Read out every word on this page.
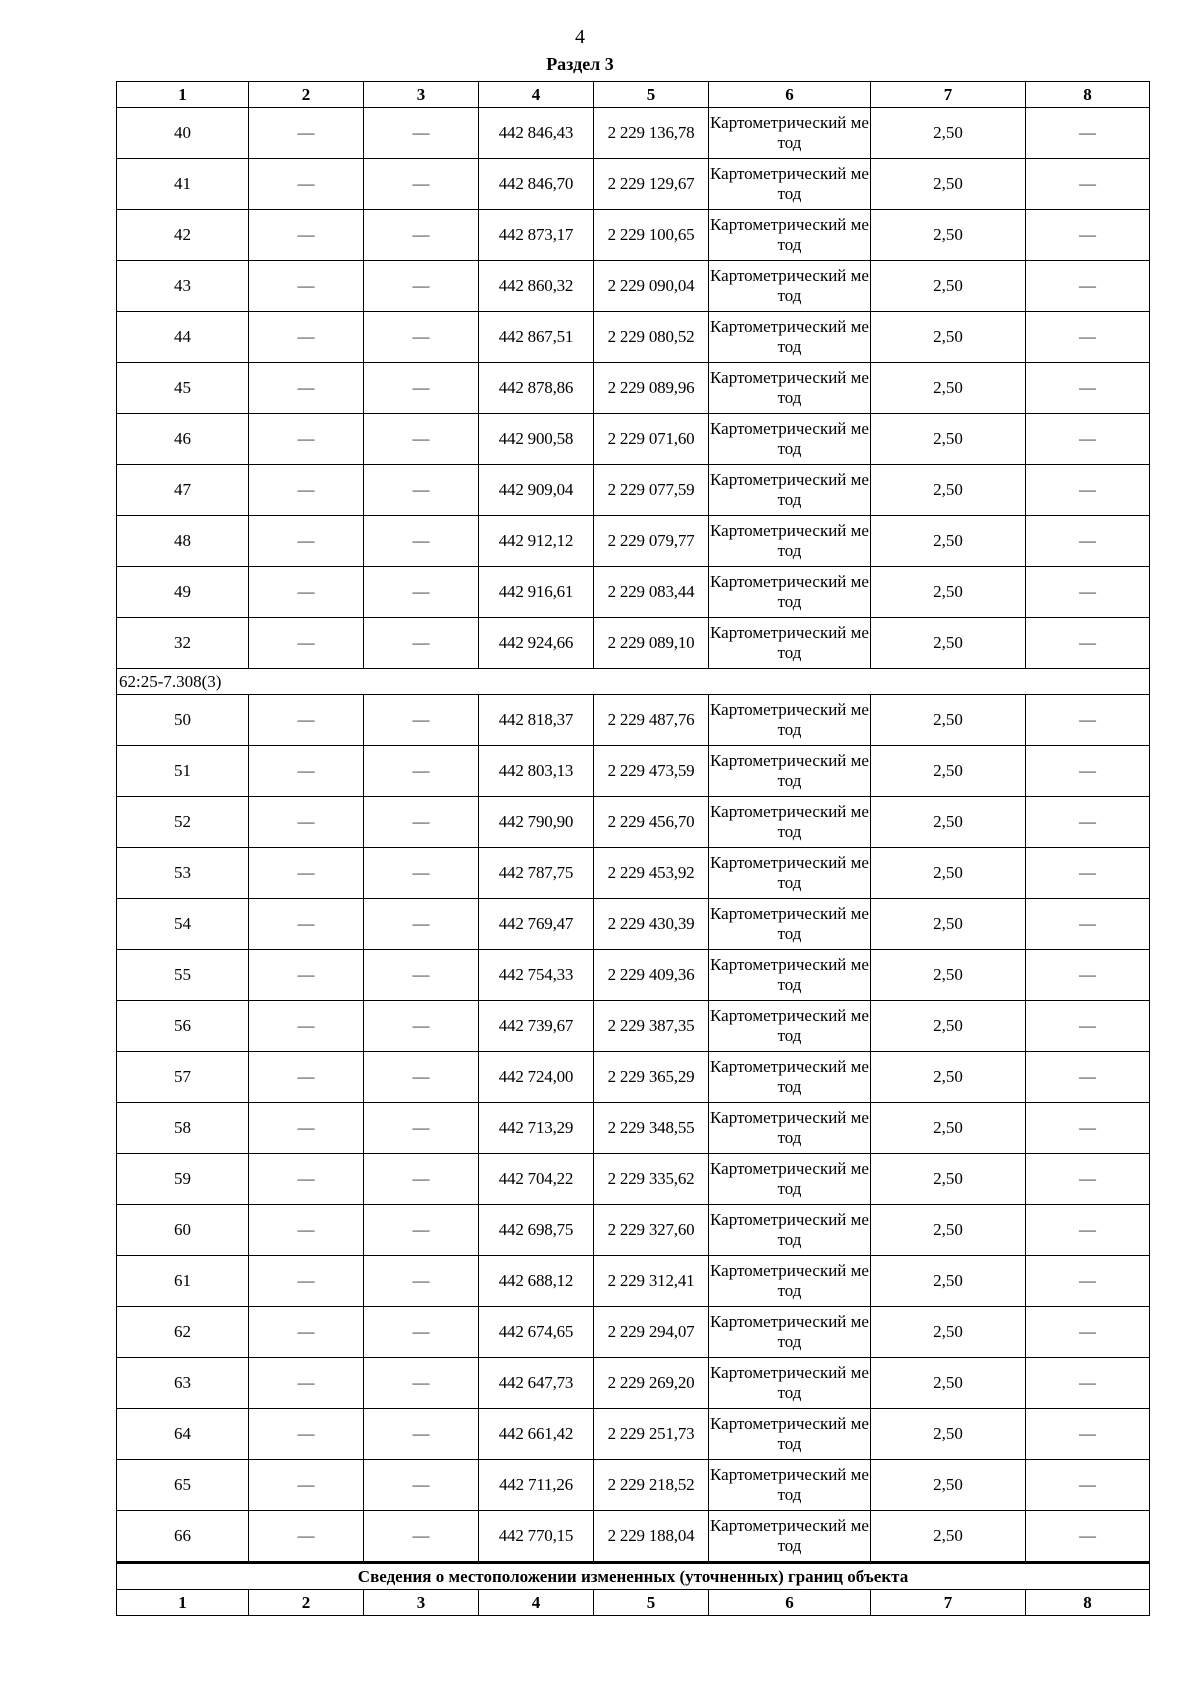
4
Раздел 3
1	2	3	4	5	6	7	8
40	—	—	442 846,43	2 229 136,78	Картометрический метод	2,50	—
41	—	—	442 846,70	2 229 129,67	Картометрический метод	2,50	—
42	—	—	442 873,17	2 229 100,65	Картометрический метод	2,50	—
43	—	—	442 860,32	2 229 090,04	Картометрический метод	2,50	—
44	—	—	442 867,51	2 229 080,52	Картометрический метод	2,50	—
45	—	—	442 878,86	2 229 089,96	Картометрический метод	2,50	—
46	—	—	442 900,58	2 229 071,60	Картометрический метод	2,50	—
47	—	—	442 909,04	2 229 077,59	Картометрический метод	2,50	—
48	—	—	442 912,12	2 229 079,77	Картометрический метод	2,50	—
49	—	—	442 916,61	2 229 083,44	Картометрический метод	2,50	—
32	—	—	442 924,66	2 229 089,10	Картометрический метод	2,50	—
62:25-7.308(3)							
50	—	—	442 818,37	2 229 487,76	Картометрический метод	2,50	—
51	—	—	442 803,13	2 229 473,59	Картометрический метод	2,50	—
52	—	—	442 790,90	2 229 456,70	Картометрический метод	2,50	—
53	—	—	442 787,75	2 229 453,92	Картометрический метод	2,50	—
54	—	—	442 769,47	2 229 430,39	Картометрический метод	2,50	—
55	—	—	442 754,33	2 229 409,36	Картометрический метод	2,50	—
56	—	—	442 739,67	2 229 387,35	Картометрический метод	2,50	—
57	—	—	442 724,00	2 229 365,29	Картометрический метод	2,50	—
58	—	—	442 713,29	2 229 348,55	Картометрический метод	2,50	—
59	—	—	442 704,22	2 229 335,62	Картометрический метод	2,50	—
60	—	—	442 698,75	2 229 327,60	Картометрический метод	2,50	—
61	—	—	442 688,12	2 229 312,41	Картометрический метод	2,50	—
62	—	—	442 674,65	2 229 294,07	Картометрический метод	2,50	—
63	—	—	442 647,73	2 229 269,20	Картометрический метод	2,50	—
64	—	—	442 661,42	2 229 251,73	Картометрический метод	2,50	—
65	—	—	442 711,26	2 229 218,52	Картометрический метод	2,50	—
66	—	—	442 770,15	2 229 188,04	Картометрический метод	2,50	—
Сведения о местоположении измененных (уточненных) границ объекта							
1	2	3	4	5	6	7	8
